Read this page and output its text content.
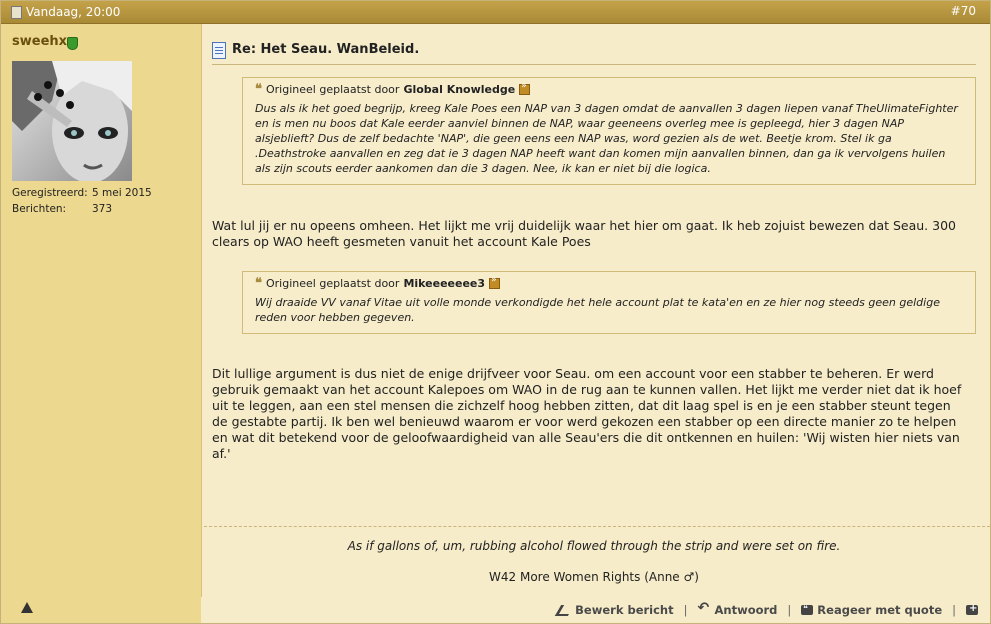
Vandaag, 20:00	#70
sweehx
Geregistreerd: 5 mei 2015
Berichten:	373
Re: Het Seau. WanBeleid.
❝ Origineel geplaatst door Global Knowledge
»
Dus als ik het goed begrijp, kreeg Kale Poes een NAP van 3 dagen omdat de aanvallen 3 dagen liepen vanaf TheUlimateFighter en is men nu boos dat Kale eerder aanviel binnen de NAP, waar geeneens overleg mee is gepleegd, hier 3 dagen NAP alsjeblieft? Dus de zelf bedachte 'NAP', die geen eens een NAP was, word gezien als de wet. Beetje krom. Stel ik ga .Deathstroke aanvallen en zeg dat ie 3 dagen NAP heeft want dan komen mijn aanvallen binnen, dan ga ik vervolgens huilen als zijn scouts eerder aankomen dan die 3 dagen. Nee, ik kan er niet bij die logica.
Wat lul jij er nu opeens omheen. Het lijkt me vrij duidelijk waar het hier om gaat. Ik heb zojuist bewezen dat Seau. 300 clears op WAO heeft gesmeten vanuit het account Kale Poes
❝ Origineel geplaatst door Mikeeeeeee3
»
Wij draaide VV vanaf Vitae uit volle monde verkondigde het hele account plat te kata'en en ze hier nog steeds geen geldige reden voor hebben gegeven.
Dit lullige argument is dus niet de enige drijfveer voor Seau. om een account voor een stabber te beheren. Er werd gebruik gemaakt van het account Kalepoes om WAO in de rug aan te kunnen vallen. Het lijkt me verder niet dat ik hoef uit te leggen, aan een stel mensen die zichzelf hoog hebben zitten, dat dit laag spel is en je een stabber steunt tegen de gestabte partij. Ik ben wel benieuwd waarom er voor werd gekozen een stabber op een directe manier zo te helpen en wat dit betekend voor de geloofwaardigheid van alle Seau'ers die dit ontkennen en huilen: 'Wij wisten hier niets van af.'
As if gallons of, um, rubbing alcohol flowed through the strip and were set on fire.
W42 More Women Rights (Anne ♂)
Bewerk bericht | ↶ Antwoord | ❝ Reageer met quote |
+
